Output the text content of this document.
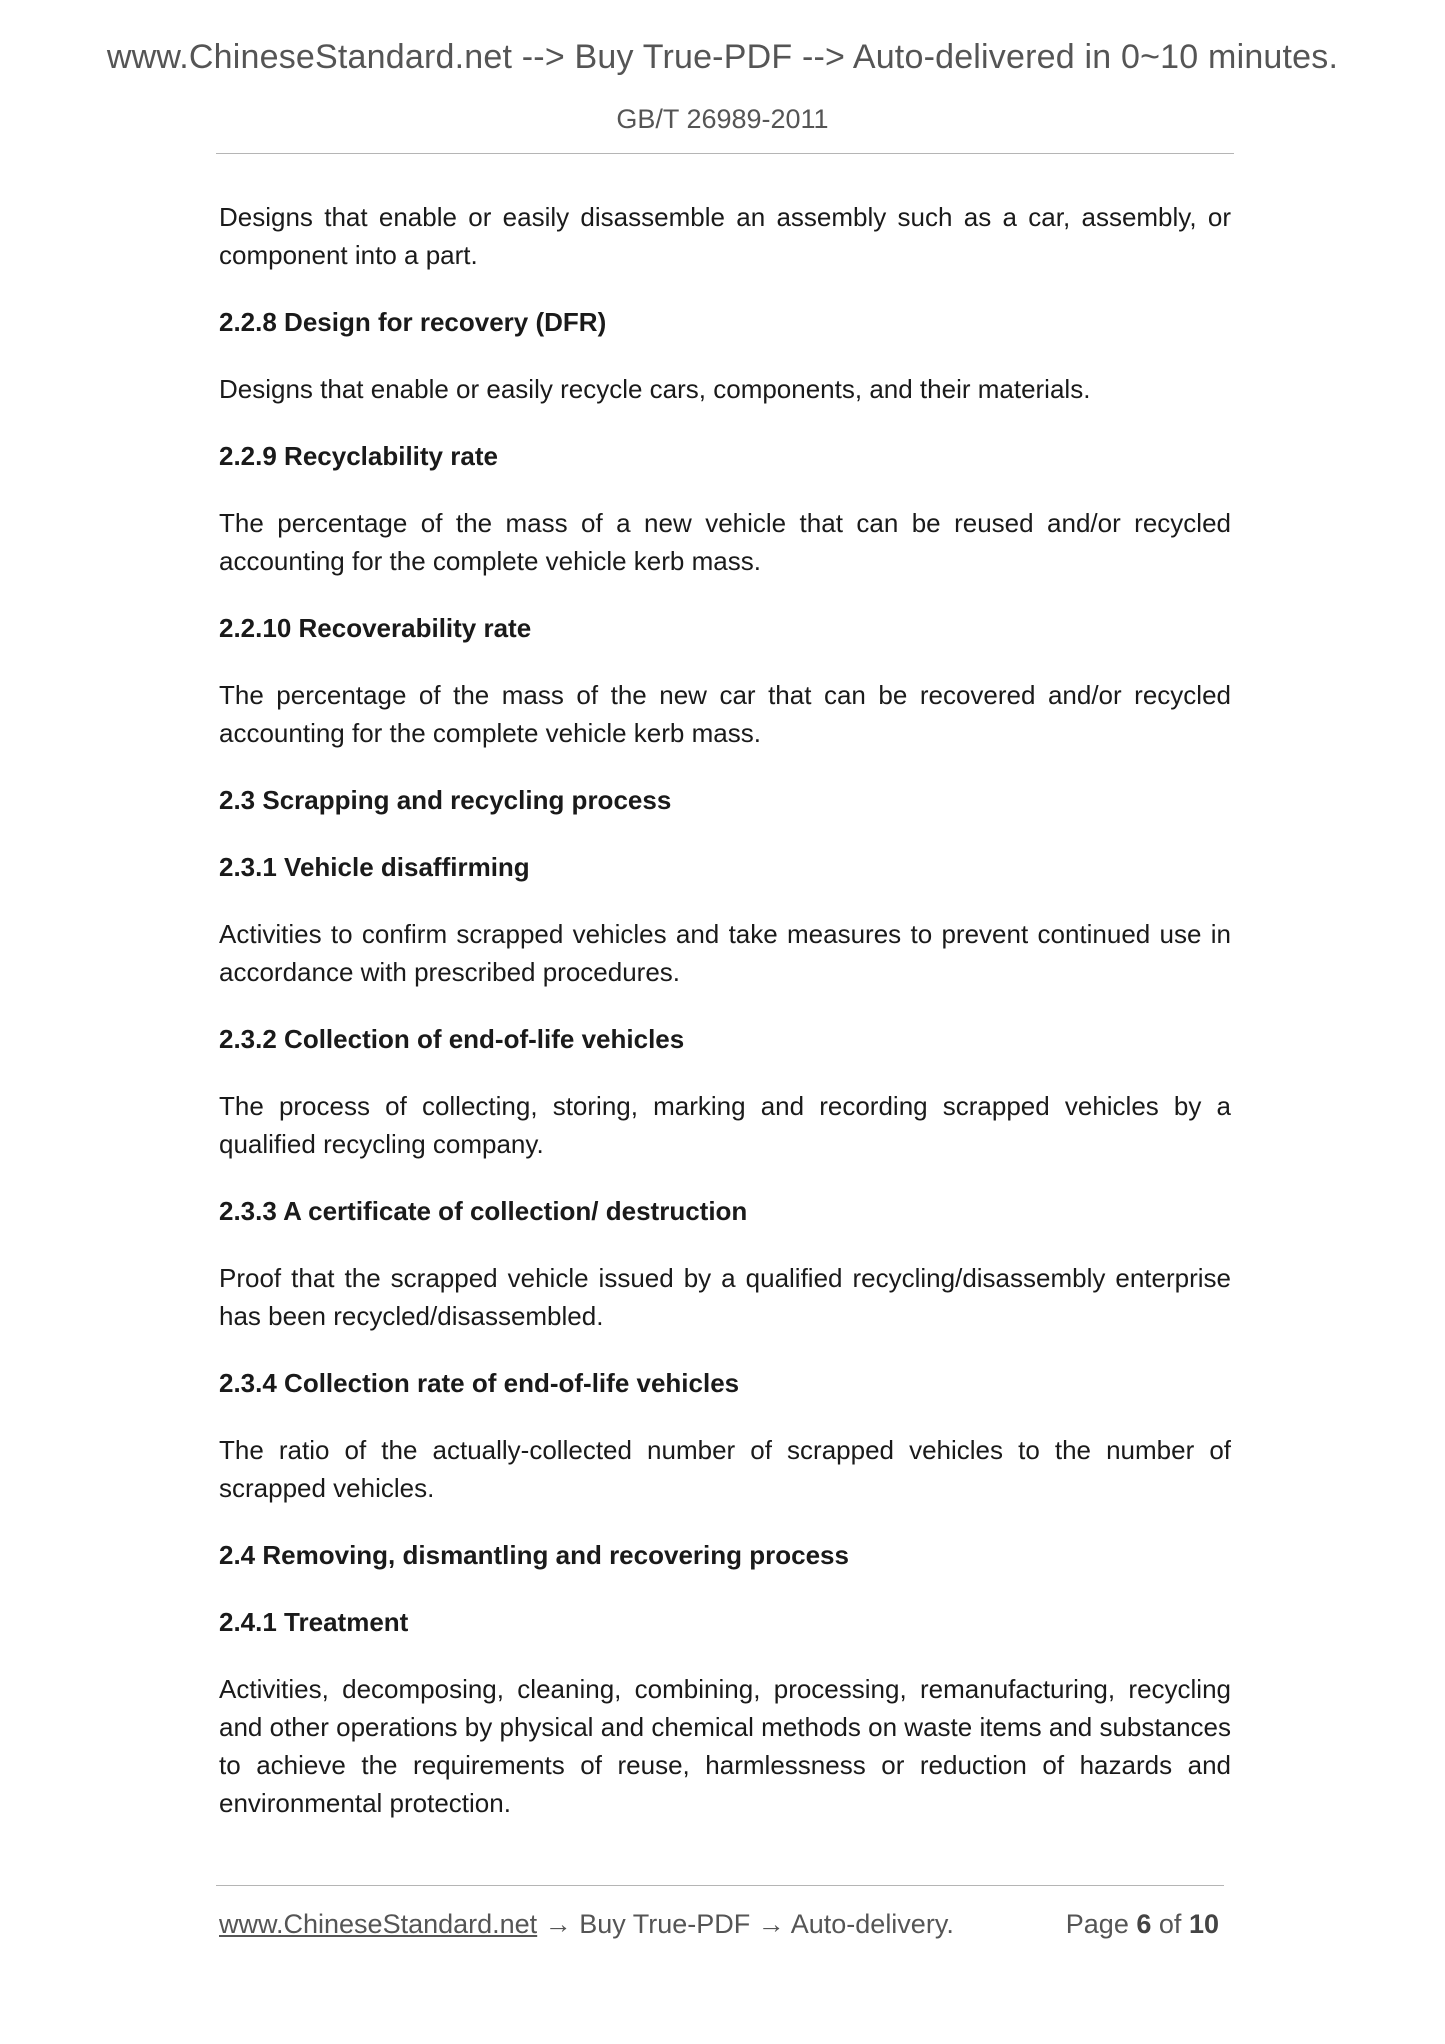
www.ChineseStandard.net --> Buy True-PDF --> Auto-delivered in 0~10 minutes.
GB/T 26989-2011

Designs that enable or easily disassemble an assembly such as a car, assembly, or component into a part.

2.2.8 Design for recovery (DFR)

Designs that enable or easily recycle cars, components, and their materials.

2.2.9 Recyclability rate

The percentage of the mass of a new vehicle that can be reused and/or recycled accounting for the complete vehicle kerb mass.

2.2.10 Recoverability rate

The percentage of the mass of the new car that can be recovered and/or recycled accounting for the complete vehicle kerb mass.

2.3 Scrapping and recycling process
2.3.1 Vehicle disaffirming

Activities to confirm scrapped vehicles and take measures to prevent continued use in accordance with prescribed procedures.

2.3.2 Collection of end-of-life vehicles

The process of collecting, storing, marking and recording scrapped vehicles by a qualified recycling company.

2.3.3 A certificate of collection/ destruction

Proof that the scrapped vehicle issued by a qualified recycling/disassembly enterprise has been recycled/disassembled.

2.3.4 Collection rate of end-of-life vehicles

The ratio of the actually-collected number of scrapped vehicles to the number of scrapped vehicles.

2.4 Removing, dismantling and recovering process
2.4.1 Treatment

Activities, decomposing, cleaning, combining, processing, remanufacturing, recycling and other operations by physical and chemical methods on waste items and substances to achieve the requirements of reuse, harmlessness or reduction of hazards and environmental protection.

www.ChineseStandard.net → Buy True-PDF → Auto-delivery.	Page 6 of 10
